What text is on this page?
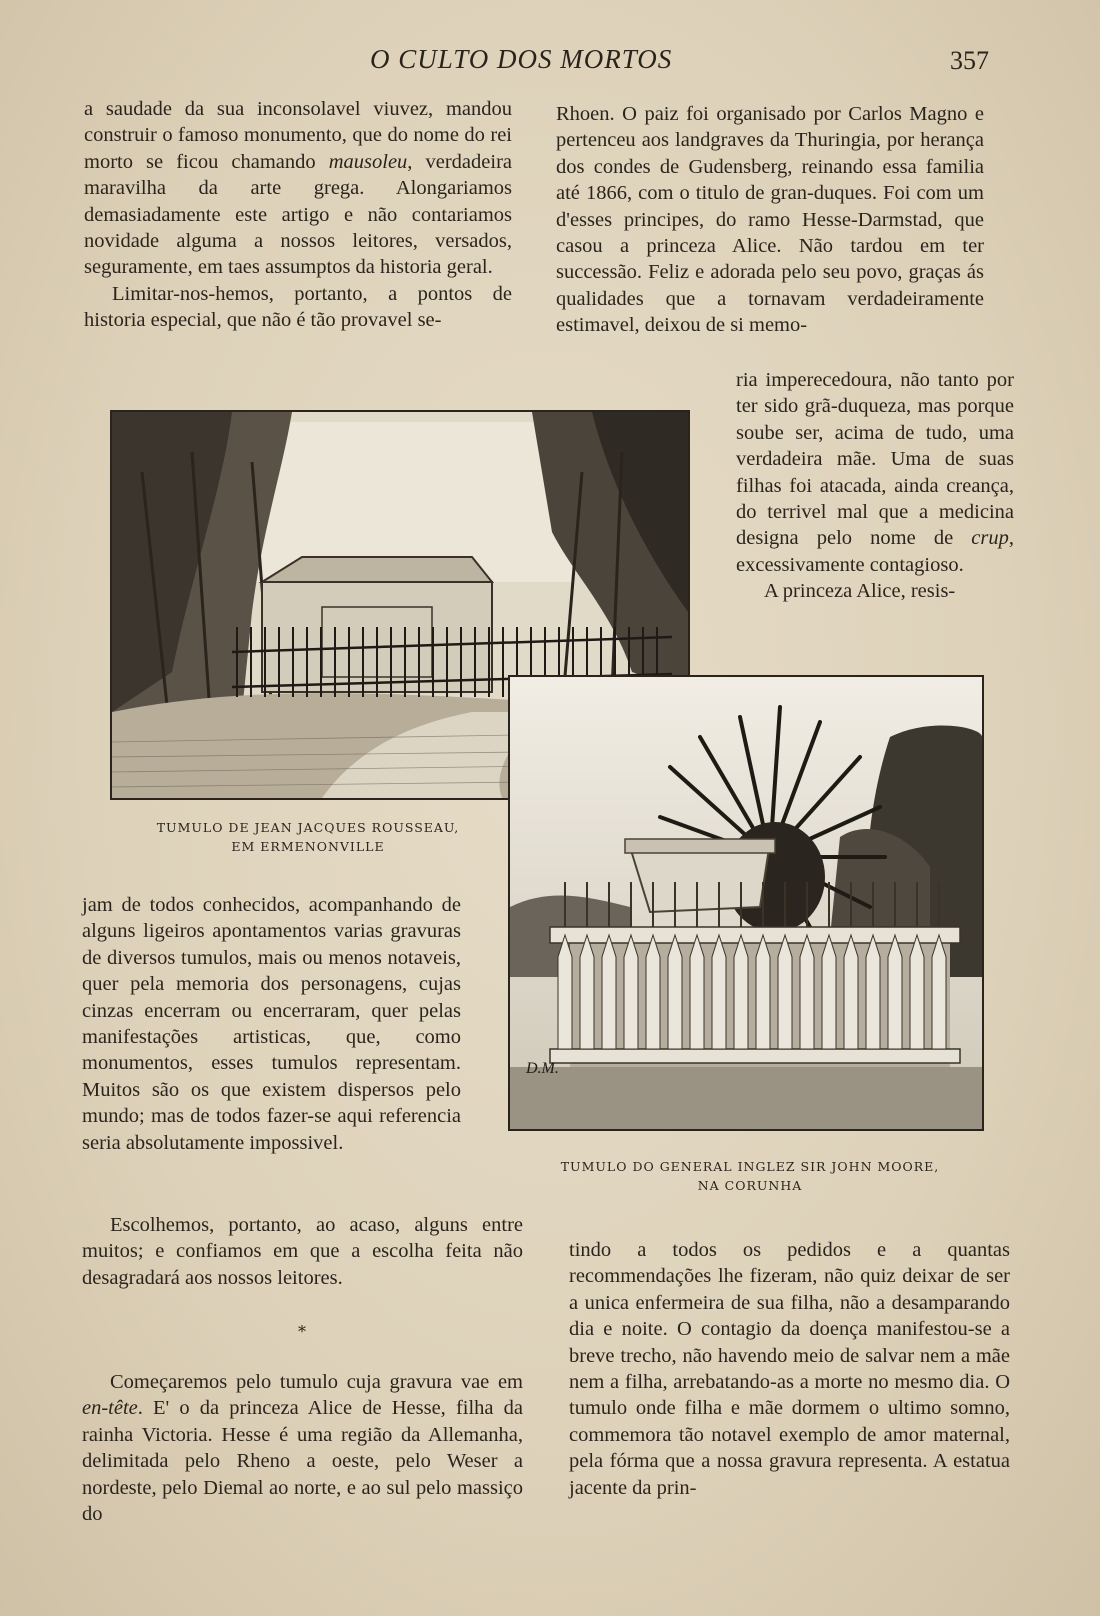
O CULTO DOS MORTOS	357

a saudade da sua inconsolavel viuvez, mandou construir o famoso monumento, que do nome do rei morto se ficou chamando mausoleu, verdadeira maravilha da arte grega. Alongariamos demasiadamente este artigo e não contariamos novidade alguma a nossos leitores, versados, seguramente, em taes assumptos da historia geral.

Limitar-nos-hemos, portanto, a pontos de historia especial, que não é tão provavel se-

Rhoen. O paiz foi organisado por Carlos Magno e pertenceu aos landgraves da Thuringia, por herança dos condes de Gudensberg, reinando essa familia até 1866, com o titulo de gran-duques. Foi com um d'esses principes, do ramo Hesse-Darmstad, que casou a princeza Alice. Não tardou em ter successão. Feliz e adorada pelo seu povo, graças ás qualidades que a tornavam verdadeiramente estimavel, deixou de si memo-

ria imperecedoura, não tanto por ter sido grã-duqueza, mas porque soube ser, acima de tudo, uma verdadeira mãe. Uma de suas filhas foi atacada, ainda creança, do terrivel mal que a medicina designa pelo nome de crup, excessivamente contagioso.

A princeza Alice, resis-

TUMULO DE JEAN JACQUES ROUSSEAU,
EM ERMENONVILLE
D.M.
TUMULO DO GENERAL INGLEZ SIR JOHN MOORE,
NA CORUNHA

jam de todos conhecidos, acompanhando de alguns ligeiros apontamentos varias gravuras de diversos tumulos, mais ou menos notaveis, quer pela memoria dos personagens, cujas cinzas encerram ou encerraram, quer pelas manifestações artisticas, que, como monumentos, esses tumulos representam. Muitos são os que existem dispersos pelo mundo; mas de todos fazer-se aqui referencia seria absolutamente impossivel.

Escolhemos, portanto, ao acaso, alguns entre muitos; e confiamos em que a escolha feita não desagradará aos nossos leitores.

*

Começaremos pelo tumulo cuja gravura vae em en-tête. E' o da princeza Alice de Hesse, filha da rainha Victoria. Hesse é uma região da Allemanha, delimitada pelo Rheno a oeste, pelo Weser a nordeste, pelo Diemal ao norte, e ao sul pelo massiço do

tindo a todos os pedidos e a quantas recommendações lhe fizeram, não quiz deixar de ser a unica enfermeira de sua filha, não a desamparando dia e noite. O contagio da doença manifestou-se a breve trecho, não havendo meio de salvar nem a mãe nem a filha, arrebatando-as a morte no mesmo dia. O tumulo onde filha e mãe dormem o ultimo somno, commemora tão notavel exemplo de amor maternal, pela fórma que a nossa gravura representa. A estatua jacente da prin-
